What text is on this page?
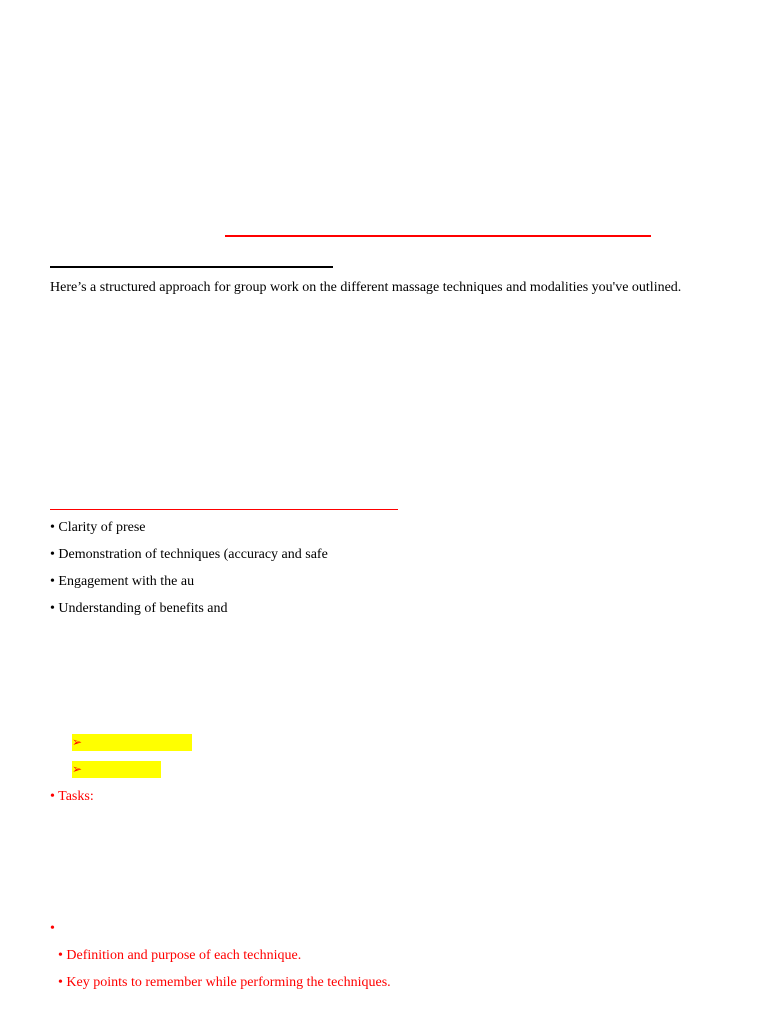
Here’s a structured approach for group work on the different massage techniques and modalities you've outlined.
• Clarity of prese
• Demonstration of techniques (accuracy and safe
• Engagement with the au
• Understanding of benefits and
➢
➢
• Tasks:
•
• Definition and purpose of each technique.
• Key points to remember while performing the techniques.
